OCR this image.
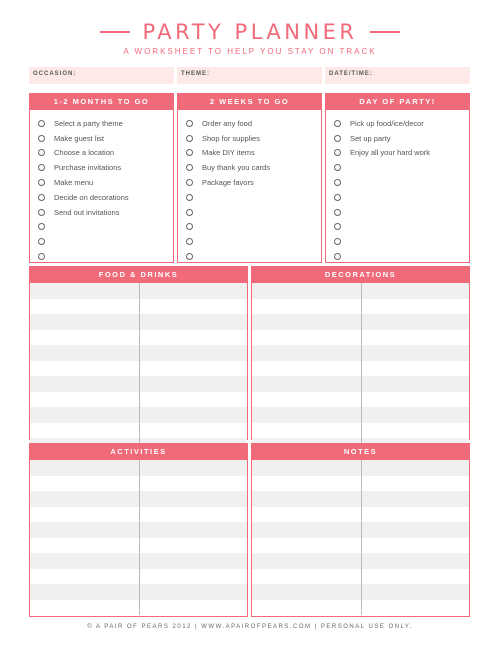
PARTY PLANNER
A WORKSHEET TO HELP YOU STAY ON TRACK
OCCASION:	THEME:	DATE/TIME:
1-2 MONTHS TO GO
Select a party theme
Make guest list
Choose a location
Purchase invitations
Make menu
Decide on decorations
Send out invitations
2 WEEKS TO GO
Order any food
Shop for supplies
Make DIY items
Buy thank you cards
Package favors
DAY OF PARTY!
Pick up food/ice/decor
Set up party
Enjoy all your hard work
FOOD & DRINKS	DECORATIONS
ACTIVITIES	NOTES
© A PAIR OF PEARS 2012 | WWW.APAIROFPEARS.COM | PERSONAL USE ONLY.
